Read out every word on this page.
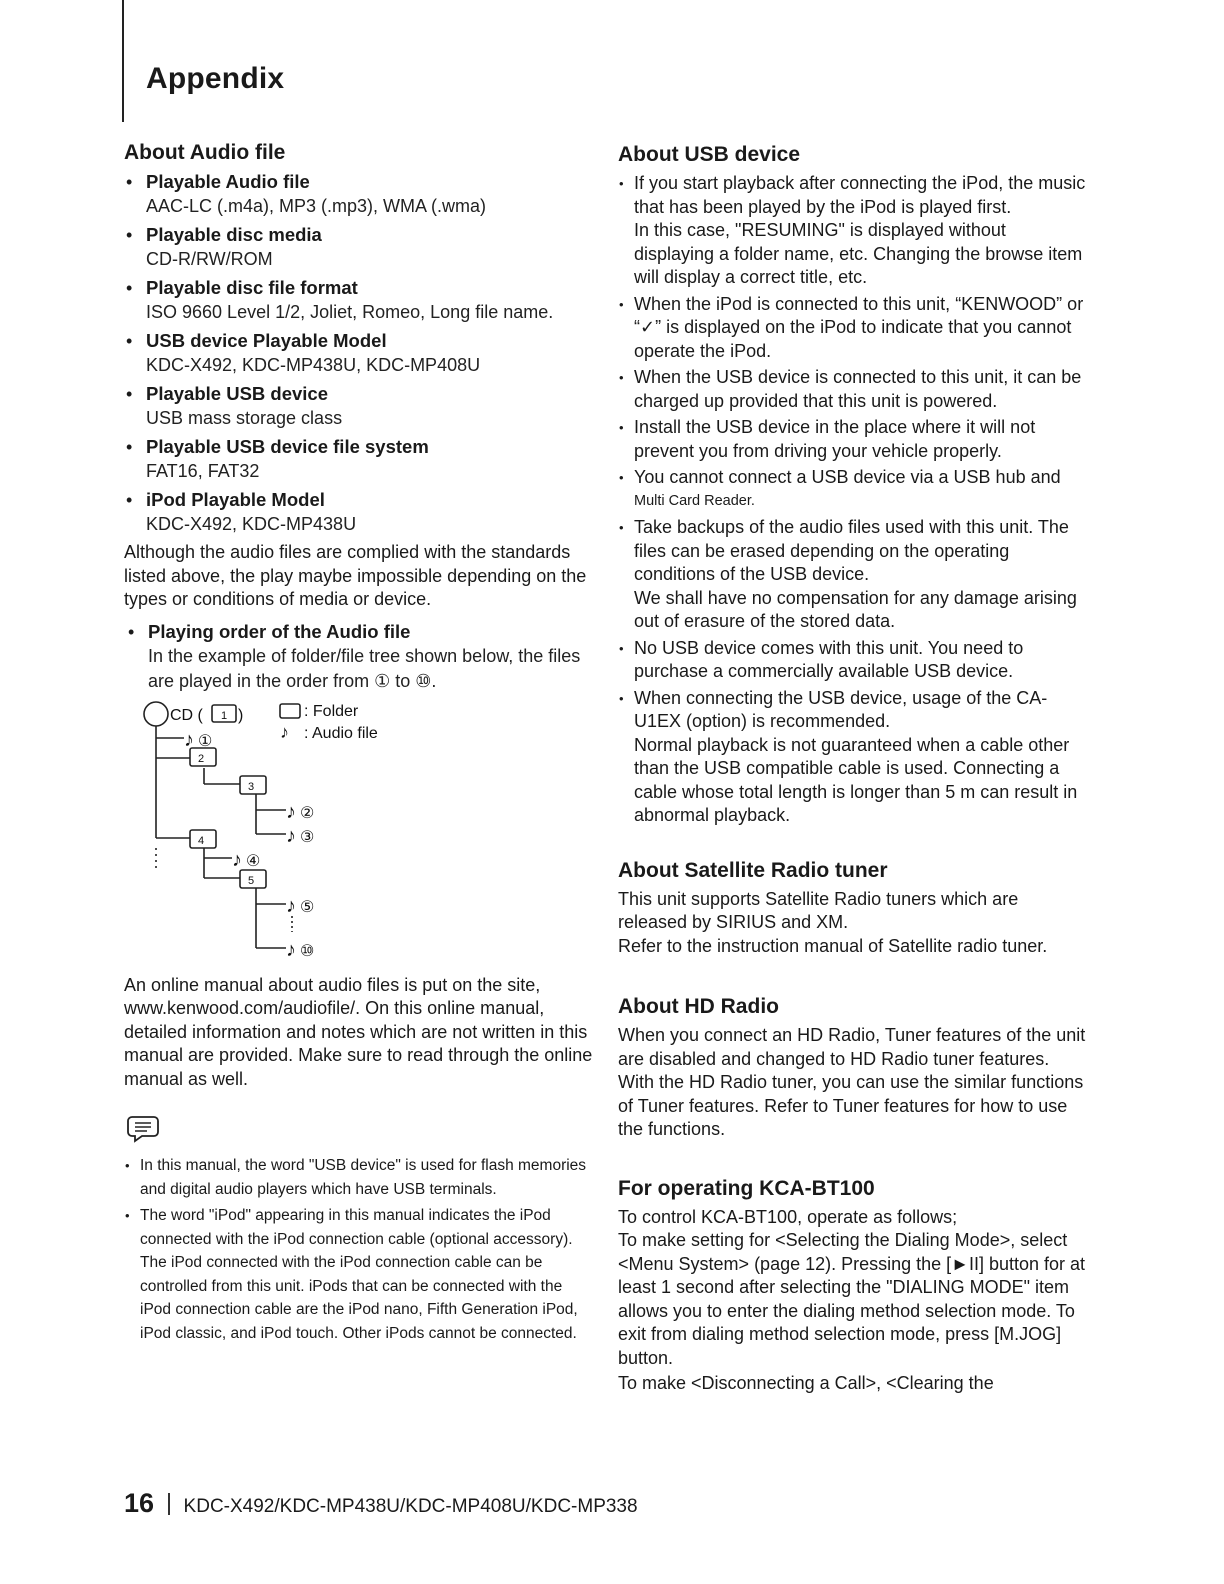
Appendix
About Audio file
• Playable Audio file
AAC-LC (.m4a), MP3 (.mp3), WMA (.wma)
• Playable disc media
CD-R/RW/ROM
• Playable disc file format
ISO 9660 Level 1/2, Joliet, Romeo, Long file name.
• USB device Playable Model
KDC-X492, KDC-MP438U, KDC-MP408U
• Playable USB device
USB mass storage class
• Playable USB device file system
FAT16, FAT32
• iPod Playable Model
KDC-X492, KDC-MP438U
Although the audio files are complied with the standards listed above, the play maybe impossible depending on the types or conditions of media or device.
• Playing order of the Audio file
In the example of folder/file tree shown below, the files are played in the order from ① to ⑩.
♪
♪
♪
♪
♪
♪
♪
CD ( 1 )	: Folder
: Audio file
2
3
4
5
①
②
③
④
⑤
⑩
An online manual about audio files is put on the site, www.kenwood.com/audiofile/. On this online manual, detailed information and notes which are not written in this manual are provided. Make sure to read through the online manual as well.
• In this manual, the word "USB device" is used for flash memories and digital audio players which have USB terminals.
• The word "iPod" appearing in this manual indicates the iPod connected with the iPod connection cable (optional accessory). The iPod connected with the iPod connection cable can be controlled from this unit. iPods that can be connected with the iPod connection cable are the iPod nano, Fifth Generation iPod, iPod classic, and iPod touch. Other iPods cannot be connected.
About USB device
• If you start playback after connecting the iPod, the music that has been played by the iPod is played first.
In this case, "RESUMING" is displayed without displaying a folder name, etc. Changing the browse item will display a correct title, etc.
• When the iPod is connected to this unit, “KENWOOD” or “✓” is displayed on the iPod to indicate that you cannot operate the iPod.
• When the USB device is connected to this unit, it can be charged up provided that this unit is powered.
• Install the USB device in the place where it will not prevent you from driving your vehicle properly.
• You cannot connect a USB device via a USB hub and
Multi Card Reader.
• Take backups of the audio files used with this unit. The files can be erased depending on the operating conditions of the USB device.
We shall have no compensation for any damage arising out of erasure of the stored data.
• No USB device comes with this unit. You need to purchase a commercially available USB device.
• When connecting the USB device, usage of the CA-U1EX (option) is recommended.
Normal playback is not guaranteed when a cable other than the USB compatible cable is used. Connecting a cable whose total length is longer than 5 m can result in abnormal playback.
About Satellite Radio tuner
This unit supports Satellite Radio tuners which are released by SIRIUS and XM.
Refer to the instruction manual of Satellite radio tuner.
About HD Radio
When you connect an HD Radio, Tuner features of the unit are disabled and changed to HD Radio tuner features.
With the HD Radio tuner, you can use the similar functions of Tuner features. Refer to Tuner features for how to use the functions.
For operating KCA-BT100
To control KCA-BT100, operate as follows;
To make setting for <Selecting the Dialing Mode>, select <Menu System> (page 12). Pressing the [►II] button for at least 1 second after selecting the "DIALING MODE" item allows you to enter the dialing method selection mode. To exit from dialing method selection mode, press [M.JOG] button.
To make <Disconnecting a Call>, <Clearing the
16 KDC-X492/KDC-MP438U/KDC-MP408U/KDC-MP338
